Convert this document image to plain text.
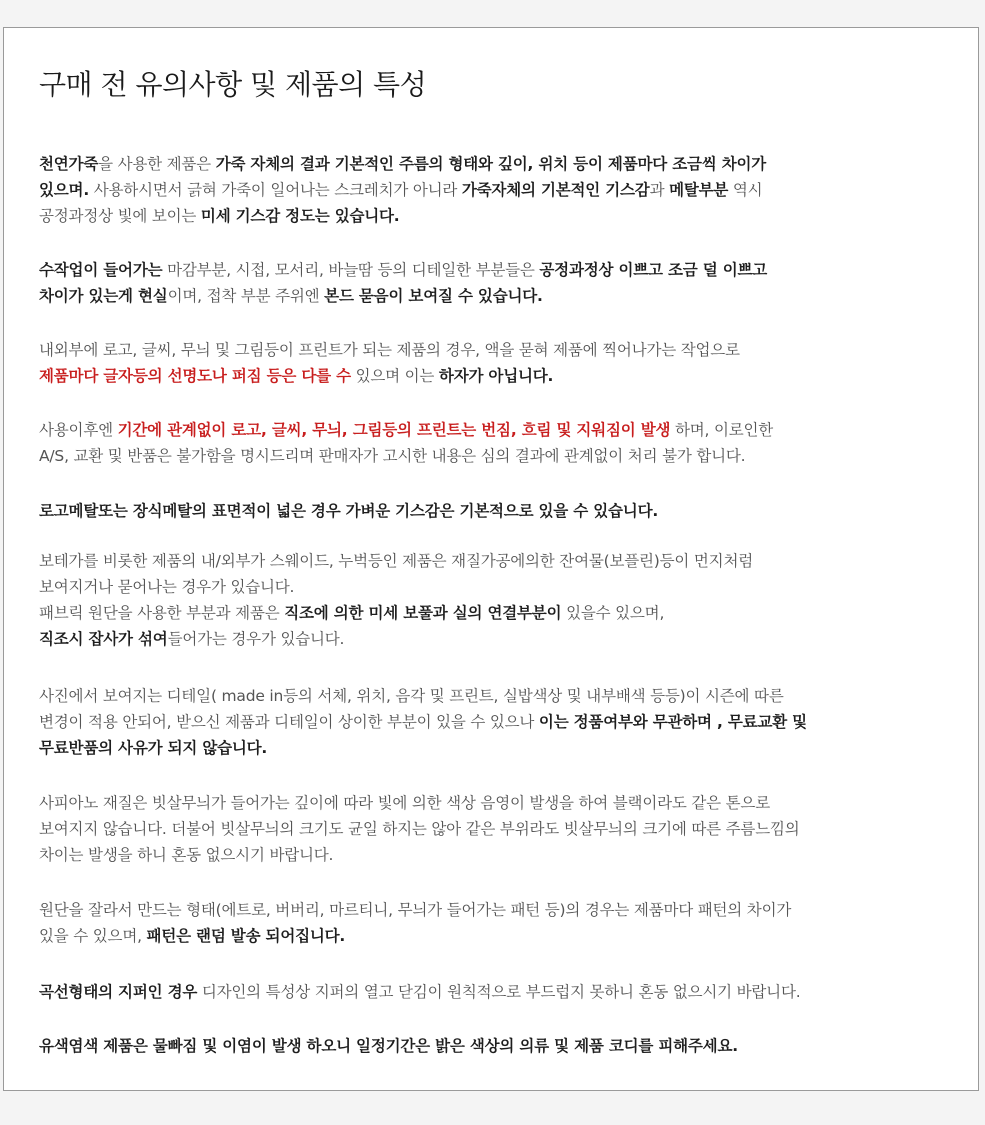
구매 전 유의사항 및 제품의 특성

천연가죽을 사용한 제품은 가죽 자체의 결과 기본적인 주름의 형태와 깊이, 위치 등이 제품마다 조금씩 차이가
있으며. 사용하시면서 긁혀 가죽이 일어나는 스크레치가 아니라 가죽자체의 기본적인 기스감과 메탈부분 역시
공정과정상 빛에 보이는 미세 기스감 정도는 있습니다.

수작업이 들어가는 마감부분, 시접, 모서리, 바늘땀 등의 디테일한 부분들은 공정과정상 이쁘고 조금 덜 이쁘고
차이가 있는게 현실이며, 접착 부분 주위엔 본드 묻음이 보여질 수 있습니다.

내외부에 로고, 글씨, 무늬 및 그림등이 프린트가 되는 제품의 경우, 액을 묻혀 제품에 찍어나가는 작업으로
제품마다 글자등의 선명도나 퍼짐 등은 다를 수 있으며 이는 하자가 아닙니다.

사용이후엔 기간에 관계없이 로고, 글씨, 무늬, 그림등의 프린트는 번짐, 흐림 및 지워짐이 발생 하며, 이로인한
A/S, 교환 및 반품은 불가함을 명시드리며 판매자가 고시한 내용은 심의 결과에 관계없이 처리 불가 합니다.

로고메탈또는 장식메탈의 표면적이 넓은 경우 가벼운 기스감은 기본적으로 있을 수 있습니다.

보테가를 비롯한 제품의 내/외부가 스웨이드, 누벅등인 제품은 재질가공에의한 잔여물(보플린)등이 먼지처럼
보여지거나 묻어나는 경우가 있습니다.
패브릭 원단을 사용한 부분과 제품은 직조에 의한 미세 보풀과 실의 연결부분이 있을수 있으며,
직조시 잡사가 섞여들어가는 경우가 있습니다.

사진에서 보여지는 디테일( made in등의 서체, 위치, 음각 및 프린트, 실밥색상 및 내부배색 등등)이 시즌에 따른
변경이 적용 안되어, 받으신 제품과 디테일이 상이한 부분이 있을 수 있으나 이는 정품여부와 무관하며 , 무료교환 및
무료반품의 사유가 되지 않습니다.

사피아노 재질은 빗살무늬가 들어가는 깊이에 따라 빛에 의한 색상 음영이 발생을 하여 블랙이라도 같은 톤으로
보여지지 않습니다. 더불어 빗살무늬의 크기도 균일 하지는 않아 같은 부위라도 빗살무늬의 크기에 따른 주름느낌의
차이는 발생을 하니 혼동 없으시기 바랍니다.

원단을 잘라서 만드는 형태(에트로, 버버리, 마르티니, 무늬가 들어가는 패턴 등)의 경우는 제품마다 패턴의 차이가
있을 수 있으며, 패턴은 랜덤 발송 되어집니다.

곡선형태의 지퍼인 경우 디자인의 특성상 지퍼의 열고 닫김이 원칙적으로 부드럽지 못하니 혼동 없으시기 바랍니다.

유색염색 제품은 물빠짐 및 이염이 발생 하오니 일정기간은 밝은 색상의 의류 및 제품 코디를 피해주세요.
